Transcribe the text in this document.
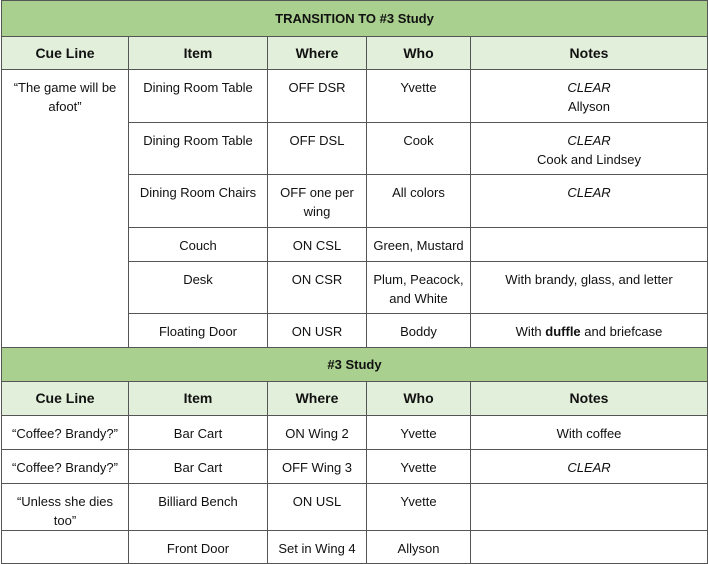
TRANSITION TO #3 Study				
Cue Line	Item	Where	Who	Notes
“The game will be afoot”	Dining Room Table	OFF DSR	Yvette	CLEAR
Allyson

	Dining Room Table	OFF DSL	Cook	CLEAR
Cook and Lindsey

	Dining Room Chairs	OFF one per wing	All colors	CLEAR

	Couch	ON CSL	Green, Mustard	

	Desk	ON CSR	Plum, Peacock, and White	With brandy, glass, and letter

	Floating Door	ON USR	Boddy	With duffle and briefcase
#3 Study				
Cue Line	Item	Where	Who	Notes
“Coffee? Brandy?”	Bar Cart	ON Wing 2	Yvette	With coffee

“Coffee? Brandy?”	Bar Cart	OFF Wing 3	Yvette	CLEAR

“Unless she dies too”	Billiard Bench	ON USL	Yvette	

	Front Door	Set in Wing 4	Allyson	
